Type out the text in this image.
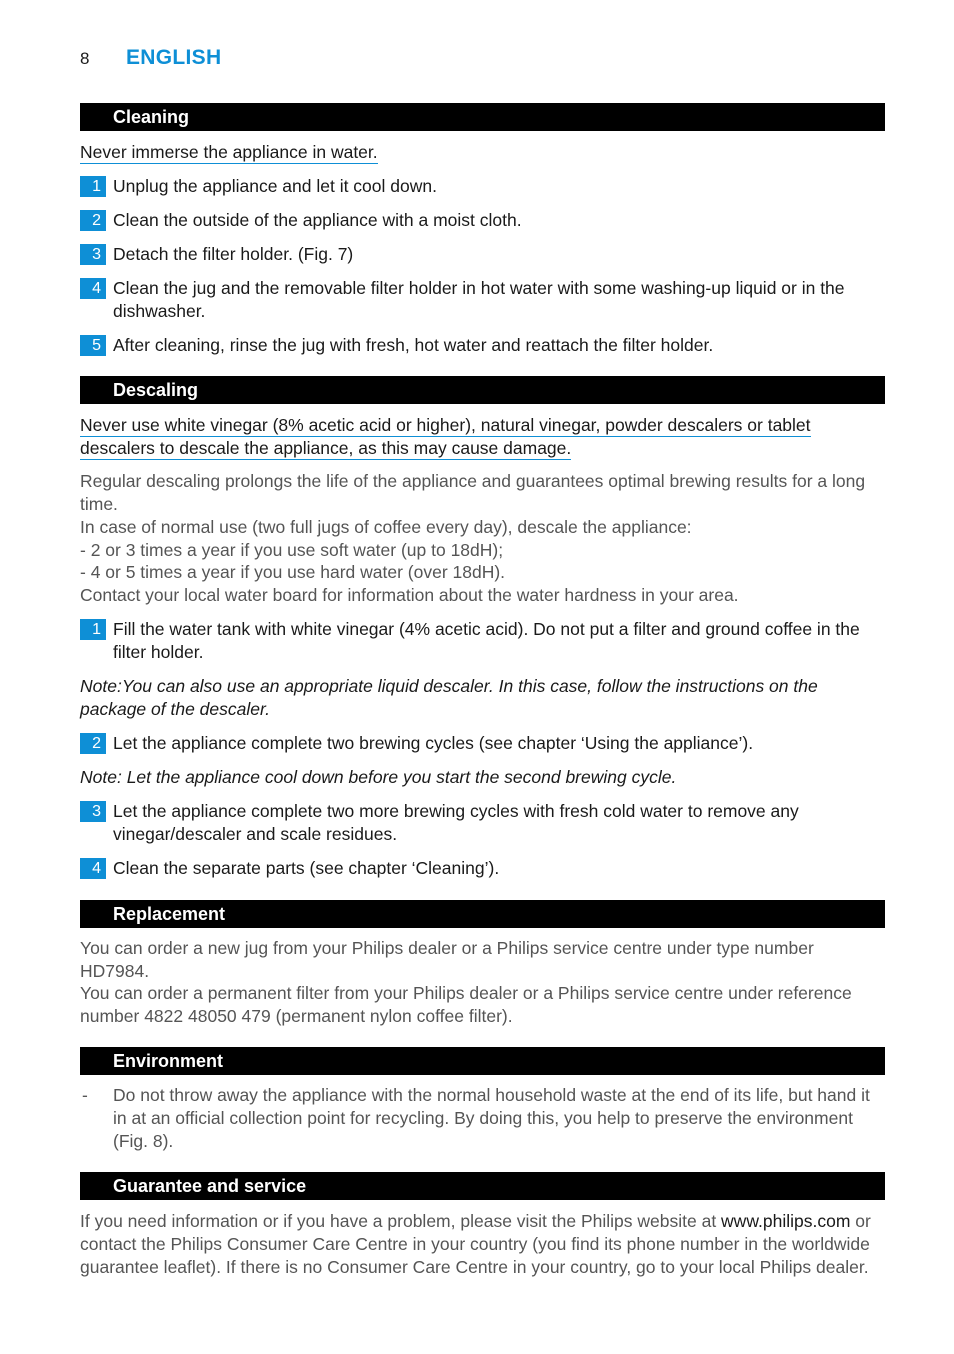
8	ENGLISH
Cleaning
Never immerse the appliance in water.
1 Unplug the appliance and let it cool down.
2 Clean the outside of the appliance with a moist cloth.
3 Detach the filter holder. (Fig. 7)
4 Clean the jug and the removable filter holder in hot water with some washing-up liquid or in the dishwasher.
5 After cleaning, rinse the jug with fresh, hot water and reattach the filter holder.
Descaling
Never use white vinegar (8% acetic acid or higher), natural vinegar, powder descalers or tablet
descalers to descale the appliance, as this may cause damage.
Regular descaling prolongs the life of the appliance and guarantees optimal brewing results for a long time.
In case of normal use (two full jugs of coffee every day), descale the appliance:
- 2 or 3 times a year if you use soft water (up to 18dH);
- 4 or 5 times a year if you use hard water (over 18dH).
Contact your local water board for information about the water hardness in your area.
1 Fill the water tank with white vinegar (4% acetic acid). Do not put a filter and ground coffee in the filter holder.
Note:You can also use an appropriate liquid descaler. In this case, follow the instructions on the package of the descaler.
2 Let the appliance complete two brewing cycles (see chapter ‘Using the appliance’).
Note: Let the appliance cool down before you start the second brewing cycle.
3 Let the appliance complete two more brewing cycles with fresh cold water to remove any vinegar/descaler and scale residues.
4 Clean the separate parts (see chapter ‘Cleaning’).
Replacement
You can order a new jug from your Philips dealer or a Philips service centre under type number HD7984.
You can order a permanent filter from your Philips dealer or a Philips service centre under reference number 4822 48050 479 (permanent nylon coffee filter).
Environment
- Do not throw away the appliance with the normal household waste at the end of its life, but hand it in at an official collection point for recycling. By doing this, you help to preserve the environment (Fig. 8).
Guarantee and service
If you need information or if you have a problem, please visit the Philips website at www.philips.com or contact the Philips Consumer Care Centre in your country (you find its phone number in the worldwide guarantee leaflet). If there is no Consumer Care Centre in your country, go to your local Philips dealer.
